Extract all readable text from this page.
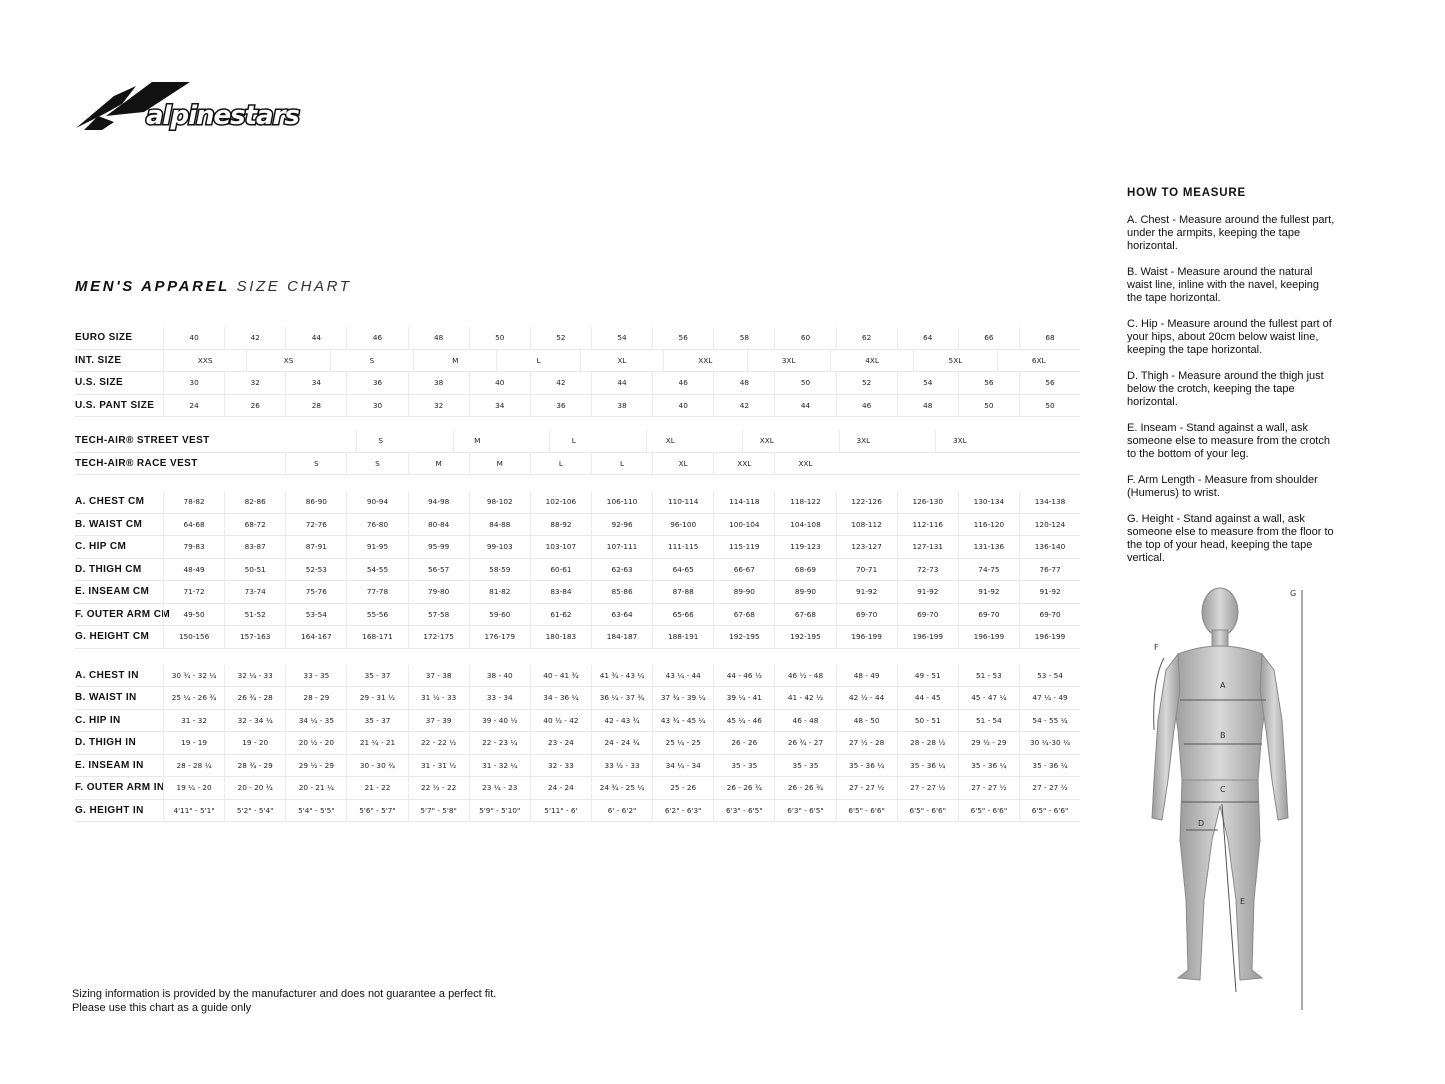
alpinestars
MEN'S APPAREL SIZE CHART
EURO SIZE	40	42	44	46	48	50	52	54	56	58	60	62	64	66	68
INT. SIZE	XXS	XS	S	M	L	XL	XXL	3XL	4XL	5XL	6XL
U.S. SIZE	30	32	34	36	38	40	42	44	46	48	50	52	54	56	56
U.S. PANT SIZE	24	26	28	30	32	34	36	38	40	42	44	46	48	50	50
TECH-AIR® STREET VEST	S	M	L	XL	XXL	3XL	3XL
TECH-AIR® RACE VEST	S	S	M	M	L	L	XL	XXL	XXL
A. CHEST CM	78-82	82-86	86-90	90-94	94-98	98-102	102-106	106-110	110-114	114-118	118-122	122-126	126-130	130-134	134-138
B. WAIST CM	64-68	68-72	72-76	76-80	80-84	84-88	88-92	92-96	96-100	100-104	104-108	108-112	112-116	116-120	120-124
C. HIP CM	79-83	83-87	87-91	91-95	95-99	99-103	103-107	107-111	111-115	115-119	119-123	123-127	127-131	131-136	136-140
D. THIGH CM	48-49	50-51	52-53	54-55	56-57	58-59	60-61	62-63	64-65	66-67	68-69	70-71	72-73	74-75	76-77
E. INSEAM CM	71-72	73-74	75-76	77-78	79-80	81-82	83-84	85-86	87-88	89-90	89-90	91-92	91-92	91-92	91-92
F. OUTER ARM CM	49-50	51-52	53-54	55-56	57-58	59-60	61-62	63-64	65-66	67-68	67-68	69-70	69-70	69-70	69-70
G. HEIGHT CM	150-156	157-163	164-167	168-171	172-175	176-179	180-183	184-187	188-191	192-195	192-195	196-199	196-199	196-199	196-199
A. CHEST IN	30 ¾ - 32 ¼	32 ¼ - 33	33 - 35	35 - 37	37 - 38	38 - 40	40 - 41 ¾	41 ¾ - 43 ¼	43 ¼ - 44	44 - 46 ½	46 ½ - 48	48 - 49	49 - 51	51 - 53	53 - 54
B. WAIST IN	25 ¼ - 26 ¾	26 ¾ - 28	28 - 29	29 - 31 ½	31 ½ - 33	33 - 34	34 - 36 ¼	36 ¼ - 37 ¾	37 ¾ - 39 ¼	39 ¼ - 41	41 - 42 ½	42 ½ - 44	44 - 45	45 - 47 ¼	47 ¼ - 49
C. HIP IN	31 - 32	32 - 34 ¼	34 ¼ - 35	35 - 37	37 - 39	39 - 40 ½	40 ½ - 42	42 - 43 ¾	43 ¾ - 45 ¼	45 ¼ - 46	46 - 48	48 - 50	50 - 51	51 - 54	54 - 55 ¼
D. THIGH IN	19 - 19	19 - 20	20 ½ - 20	21 ¼ - 21	22 - 22 ½	22 - 23 ¼	23 - 24	24 - 24 ¾	25 ¼ - 25	26 - 26	26 ¾ - 27	27 ½ - 28	28 - 28 ½	29 ½ - 29	30 ¼-30 ¼
E. INSEAM IN	28 - 28 ¼	28 ¾ - 29	29 ½ - 29	30 - 30 ¾	31 - 31 ½	31 - 32 ¼	32 - 33	33 ½ - 33	34 ¼ - 34	35 - 35	35 - 35	35 - 36 ¼	35 - 36 ¼	35 - 36 ¼	35 - 36 ¼
F. OUTER ARM IN	19 ¼ - 20	20 - 20 ¾	20 - 21 ¼	21 - 22	22 ½ - 22	23 ¼ - 23	24 - 24	24 ¾ - 25 ¼	25 - 26	26 - 26 ¾	26 - 26 ¾	27 - 27 ½	27 - 27 ½	27 - 27 ½	27 - 27 ½
G. HEIGHT IN	4'11" - 5'1"	5'2" - 5'4"	5'4" - 5'5"	5'6" - 5'7"	5'7" - 5'8"	5'9" - 5'10"	5'11" - 6'	6' - 6'2"	6'2" - 6'3"	6'3" - 6'5"	6'3" - 6'5"	6'5" - 6'6"	6'5" - 6'6"	6'5" - 6'6"	6'5" - 6'6"
HOW TO MEASURE

A. Chest - Measure around the fullest part, under the armpits, keeping the tape horizontal.

B. Waist - Measure around the natural waist line, inline with the navel, keeping the tape horizontal.

C. Hip - Measure around the fullest part of your hips, about 20cm below waist line, keeping the tape horizontal.

D. Thigh - Measure around the thigh just below the crotch, keeping the tape horizontal.

E. Inseam - Stand against a wall, ask someone else to measure from the crotch to the bottom of your leg.

F. Arm Length - Measure from shoulder (Humerus) to wrist.

G. Height - Stand against a wall, ask someone else to measure from the floor to the top of your head, keeping the tape vertical.

A
B
C
D
E
F
G
Sizing information is provided by the manufacturer and does not guarantee a perfect fit.
Please use this chart as a guide only
